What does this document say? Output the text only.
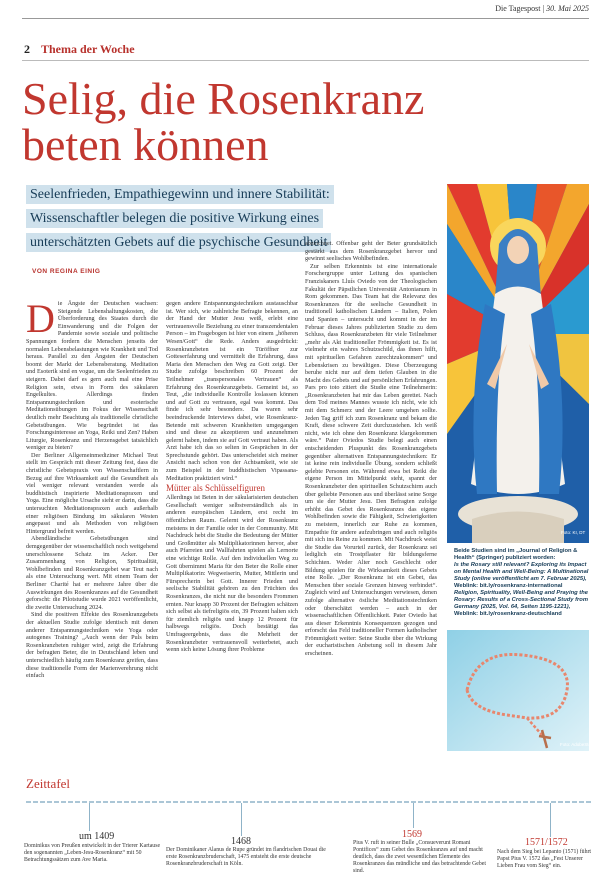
Die Tagespost | 30. Mai 2025
2 Thema der Woche
Selig, die Rosenkranz beten können
Seelenfrieden, Empathiegewinn und innere Stabilität: Wissenschaftler belegen die positive Wirkung eines unterschätzten Gebets auf die psychische Gesundheit
VON REGINA EINIG
D ie Ängste der Deutschen wachsen: Steigende Lebenshaltungskosten, die Überforderung des Staates durch die Einwanderung und die Folgen der Pandemie sowie soziale und politische Spannungen fordern die Menschen jenseits der normalen Lebensbelastungen wie Krankheit und Tod heraus. Parallel zu den Ängsten der Deutschen boomt der Markt der Lebensberatung. Meditation und Esoterik sind en vogue, um die Seelenfrieden zu steigern. Dabei darf es gern auch mal eine Prise Religion sein, etwa in Form des säkularen Engelkultes. Allerdings finden Entspannungstechniken und esoterische Meditationsübungen im Fokus der Wissenschaft deutlich mehr Beachtung als traditionelle christliche Gebetsübungen. Wie begründet ist das Forschungsinteresse an Yoga, Reiki und Zen? Haben Liturgie, Rosenkranz und Herzensgebet tatsächlich weniger zu bieten?

Der Berliner Allgemeinmediziner Michael Teut stellt im Gespräch mit dieser Zeitung fest, dass die christliche Gebetspraxis von Wissenschaftlern in Bezug auf ihre Wirksamkeit auf die Gesundheit als viel weniger relevant verstanden werde als buddhistisch inspirierte Meditationspraxen und Yoga. Eine mögliche Ursache sieht er darin, dass die untersuchten Meditationspraxen auch außerhalb einer religiösen Bindung im säkularen Westen angepasst und als Methoden von religiösen Hintergrund befreit werden.

Abendländische Gebetsübungen sind demgegenüber der wissenschaftlich noch weitgehend unerschlossene Schatz im Acker. Der Zusammenhang von Religion, Spiritualität, Wohlbefinden und Rosenkranzgebet war Teut nach als eine Untersuchung wert. Mit einem Team der Berliner Charité hat er mehrere Jahre über die Auswirkungen des Rosenkranzes auf die Gesundheit geforscht: die Pilotstudie wurde 2021 veröffentlicht, die zweite Untersuchung 2024.

Sind die positiven Effekte des Rosenkranzgebets der aktuellen Studie zufolge identisch mit denen anderer Entspannungstechniken wie Yoga oder autogenes Training? „Auch wenn der Puls beim Rosenkranzbeten ruhiger wird, zeigt die Erfahrung der befragten Beter, die in Deutschland leben und unterschiedlich häufig zum Rosenkranz greifen, dass diese traditionelle Form der Marienverehrung nicht einfach

gegen andere Entspannungstechniken austauschbar ist. Wer sich, wie zahlreiche Befragte bekennen, an der Hand der Mutter Jesu weiß, erlebt eine vertrauensvolle Beziehung zu einer transzendentalen Person – im Fragebogen ist hier von einem „höheren Wesen/Gott“ die Rede. Anders ausgedrückt: Rosenkranzbeten ist ein Türöffner zur Gotteserfahrung und vermittelt die Erfahrung, dass Maria den Menschen den Weg zu Gott zeigt. Der Studie zufolge beschreiben 60 Prozent der Teilnehmer „transpersonales Vertrauen“ als Erfahrung des Rosenkranzgebets. Gemeint ist, so Teut, „die individuelle Kontrolle loslassen können und auf Gott zu vertrauen, egal was kommt. Das finde ich sehr besonders. Da waren sehr beeindruckende Interviews dabei, wie Rosenkranz-Betende mit schweren Krankheiten umgegangen sind und diese zu akzeptieren und anzunehmen gelernt haben, indem sie auf Gott vertraut haben. Als Arzt habe ich das so selten in Gesprächen in der Sprechstunde gehört. Das unterscheidet sich meiner Ansicht nach schon von der Achtsamkeit, wie sie zum Beispiel in der buddhistischen Vipassana-Meditation praktiziert wird.“

Mütter als Schlüsselfiguren

Allerdings ist Beten in der säkularisierten deutschen Gesellschaft weniger selbstverständlich als in anderen europäischen Ländern, erst recht im öffentlichen Raum. Gelernt wird der Rosenkranz meistens in der Familie oder in der Community. Mit Nachdruck hebt die Studie die Bedeutung der Mütter und Großmütter als Multiplikatorinnen hervor, aber auch Pfarreien und Wallfahrten spielen als Lernorte eine wichtige Rolle. Auf den individuellen Weg zu Gott übernimmt Maria für den Beter die Rolle einer Multiplikatorin: Wegweiserin, Mutter, Mittlerin und Fürsprecherin bei Gott. Innerer Frieden und seelische Stabilität gehören zu den Früchten des Rosenkranzes, die nicht nur die besonders Frommen ernten. Nur knapp 30 Prozent der Befragten schätzen sich selbst als tiefreligiös ein, 39 Prozent halten sich für ziemlich religiös und knapp 12 Prozent für halbwegs religiös. Doch bestätigt das Umfrageergebnis, dass die Mehrheit der Rosenkranzbeter vertrauensvoll weiterbetet, auch wenn sich keine Lösung ihrer Probleme

abzeichnet. Offenbar geht der Beter grundsätzlich gestärkt aus dem Rosenkranzgebet hervor und gewinnt seelisches Wohlbefinden.

Zur selben Erkenntnis ist eine internationale Forschergruppe unter Leitung des spanischen Franziskaners Lluís Oviedo von der Theologischen Fakultät der Päpstlichen Universität Antonianum in Rom gekommen. Das Team hat die Relevanz des Rosenkranzes für die seelische Gesundheit in traditionell katholischen Ländern – Italien, Polen und Spanien – untersucht und kommt in der im Februar dieses Jahres publizierten Studie zu dem Schluss, dass Rosenkranzbeten für viele Teilnehmer „mehr als Akt traditioneller Frömmigkeit ist. Es ist vielmehr ein wahres Schutzschild, das ihnen hilft, mit spirituellen Gefahren zurechtzukommen“ und Lebenskrisen zu bewältigen. Diese Überzeugung beruhe nicht nur auf dem tiefen Glauben in die Macht des Gebets und auf persönlichen Erfahrungen. Pars pro toto zitiert die Studie eine Teilnehmerin: „Rosenkranzbeten hat mir das Leben gerettet. Nach dem Tod meines Mannes wusste ich nicht, wie ich mit dem Schmerz und der Leere umgehen sollte. Jeden Tag griff ich zum Rosenkranz und bekam die Kraft, diese schwere Zeit durchzustehen. Ich weiß nicht, wie ich ohne den Rosenkranz klargekommen wäre.“ Pater Oviedos Studie belegt auch einen entscheidenden Pluspunkt des Rosenkranzgebets gegenüber alternativen Entspannungstechniken: Er ist keine rein individuelle Übung, sondern schließt gelebte Personen ein. Während etwa bei Reiki die eigene Person im Mittelpunkt steht, spannt der Rosenkranzbeter den spirituellen Schutzschirm auch über geliebte Personen aus und überlässt seine Sorge um sie der Mutter Jesu. Den Befragten zufolge erhöht das Gebet des Rosenkranzes das eigene Wohlbefinden sowie die Fähigkeit, Schwierigkeiten zu meistern, innerlich zur Ruhe zu kommen, Empathie für andere aufzubringen und auch religiös mit sich ins Reine zu kommen. Mit Nachdruck weist die Studie das Vorurteil zurück, der Rosenkranz sei lediglich ein Trostpflaster für bildungsferne Schichten. Weder Alter noch Geschlecht oder Bildung spielen für die Wirksamkeit dieses Gebets eine Rolle. „Der Rosenkranz ist ein Gebet, das Menschen über soziale Grenzen hinweg verbindet“. Zugleich wird auf Untersuchungen verwiesen, denen zufolge alternative östliche Meditationstechniken oder überschätzt werden – auch in der wissenschaftlichen Öffentlichkeit. Pater Oviedo hat aus dieser Erkenntnis Konsequenzen gezogen und erforscht das Feld traditioneller Formen katholischer Frömmigkeit weiter: Seine Studie über die Wirkung der eucharistischen Anbetung soll in diesem Jahr erscheinen.

Foto: KI, DT
Beide Studien sind im „Journal of Religion & Health“ (Springer) publiziert worden:
Is the Rosary still relevant? Exploring its Impact on Mental Health and Well-Being: A Multinational Study (online veröffentlicht am 7. Februar 2025),
Weblink: bit.ly/rosenkranz-international
Religion, Spirituality, Well-Being and Praying the Rosary: Results of a Cross-Sectional Study from Germany (2025, Vol. 64, Seiten 1195-1221),
Weblink: bit.ly/rosenkranz-deutschland
Foto: AdobeStock
Zeittafel
um 1409
Dominikus von Preußen entwickelt in der Trierer Kartause den sogenannten „Leben-Jesu-Rosenkranz“ mit 50 Betrachtungssätzen zum Ave Maria.
1468
Der Dominikaner Alanus de Rupe gründet im flandrischen Douai die erste Rosenkranzbruderschaft, 1475 entsteht die erste deutsche Rosenkranzbruderschaft in Köln.
1569
Pius V. ruft in seiner Bulle „Consueverunt Romani Pontifices“ zum Gebet des Rosenkranzes auf und macht deutlich, dass die zwei wesentlichen Elemente des Rosenkranzes das mündliche und das betrachtende Gebet sind.
1571/1572
Nach dem Sieg bei Lepanto (1571) führt Papst Pius V. 1572 das „Fest Unserer Lieben Frau vom Sieg“ ein.
